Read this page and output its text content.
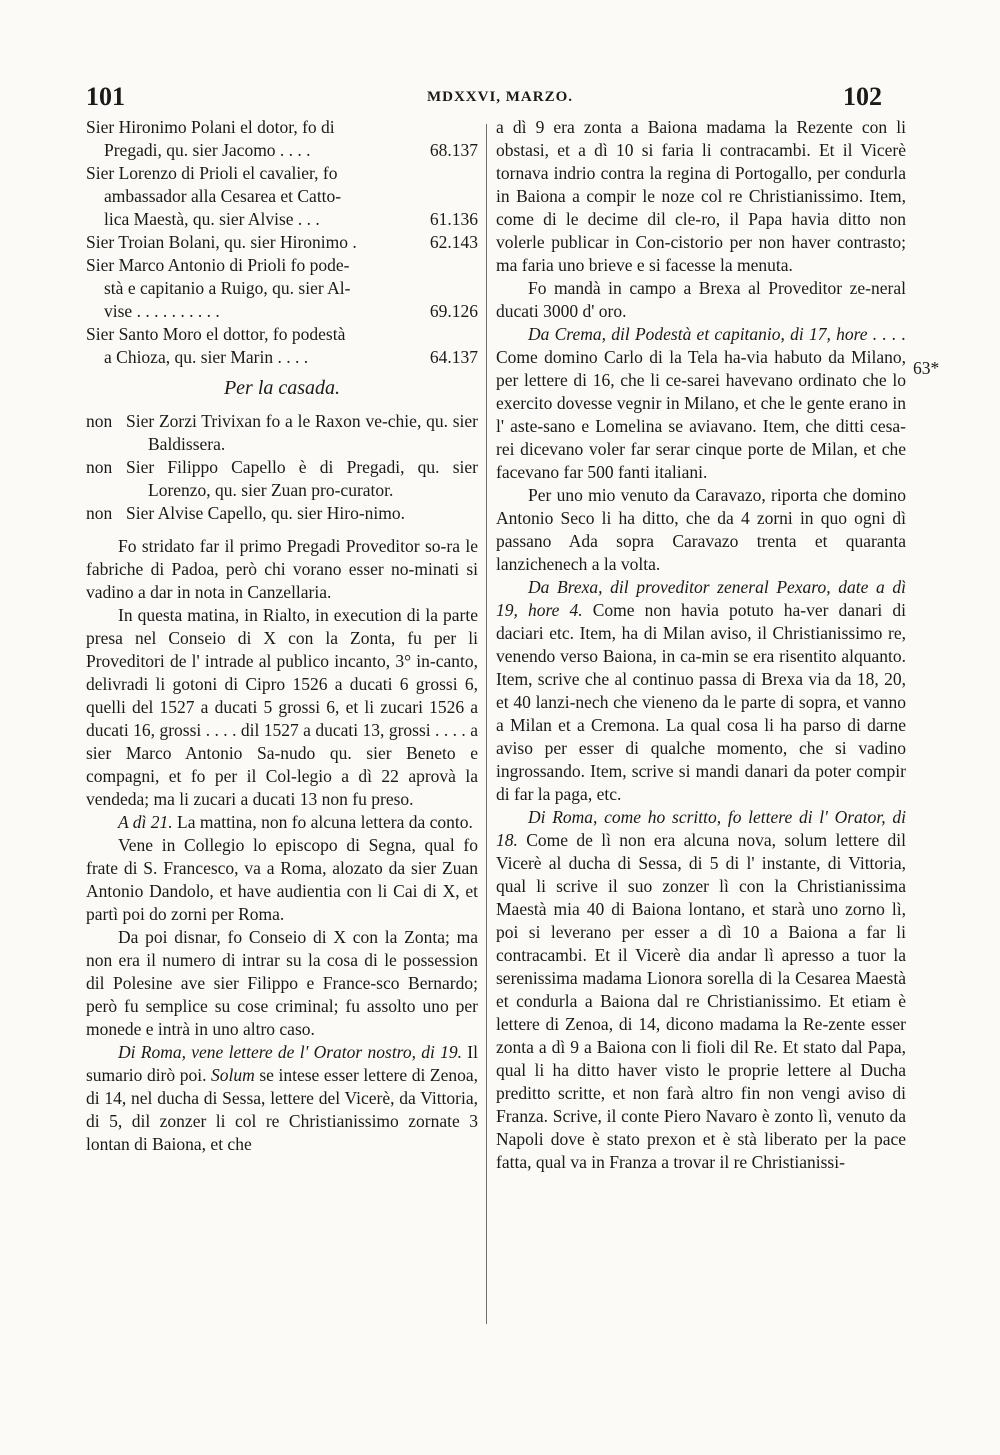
101	MDXXVI, MARZO.	102
Sier Hironimo Polani el dotor, fo di
Pregadi, qu. sier Jacomo . . . .	68.137
Sier Lorenzo di Prioli el cavalier, fo
ambassador alla Cesarea et Catto-
lica Maestà, qu. sier Alvise . . .	61.136
Sier Troian Bolani, qu. sier Hironimo .	62.143
Sier Marco Antonio di Prioli fo pode-
stà e capitanio a Ruigo, qu. sier Al-
vise . . . . . . . . . .	69.126
Sier Santo Moro el dottor, fo podestà
a Chioza, qu. sier Marin . . . .	64.137
Per la casada.
non Sier Zorzi Trivixan fo a le Raxon ve-chie, qu. sier Baldissera.
non Sier Filippo Capello è di Pregadi, qu. sier Lorenzo, qu. sier Zuan pro-curator.
non Sier Alvise Capello, qu. sier Hiro-nimo.

Fo stridato far il primo Pregadi Proveditor so-ra le fabriche di Padoa, però chi vorano esser no-minati si vadino a dar in nota in Canzellaria.

In questa matina, in Rialto, in execution di la parte presa nel Conseio di X con la Zonta, fu per li Proveditori de l' intrade al publico incanto, 3° in-canto, delivradi li gotoni di Cipro 1526 a ducati 6 grossi 6, quelli del 1527 a ducati 5 grossi 6, et li zucari 1526 a ducati 16, grossi . . . . dil 1527 a ducati 13, grossi . . . . a sier Marco Antonio Sa-nudo qu. sier Beneto e compagni, et fo per il Col-legio a dì 22 aprovà la vendeda; ma li zucari a ducati 13 non fu preso.

A dì 21. La mattina, non fo alcuna lettera da conto.

Vene in Collegio lo episcopo di Segna, qual fo frate di S. Francesco, va a Roma, alozato da sier Zuan Antonio Dandolo, et have audientia con li Cai di X, et partì poi do zorni per Roma.

Da poi disnar, fo Conseio di X con la Zonta; ma non era il numero di intrar su la cosa di le possession dil Polesine ave sier Filippo e France-sco Bernardo; però fu semplice su cose criminal; fu assolto uno per monede e intrà in uno altro caso.

Di Roma, vene lettere de l' Orator nostro, di 19. Il sumario dirò poi. Solum se intese esser lettere di Zenoa, di 14, nel ducha di Sessa, lettere del Vicerè, da Vittoria, di 5, dil zonzer li col re Christianissimo zornate 3 lontan di Baiona, et che

a dì 9 era zonta a Baiona madama la Rezente con li obstasi, et a dì 10 si faria li contracambi. Et il Vicerè tornava indrio contra la regina di Portogallo, per condurla in Baiona a compir le noze col re Christianissimo. Item, come di le decime dil cle-ro, il Papa havia ditto non volerle publicar in Con-cistorio per non haver contrasto; ma faria uno brieve e si facesse la menuta.

Fo mandà in campo a Brexa al Proveditor ze-neral ducati 3000 d' oro.

Da Crema, dil Podestà et capitanio, di 17, hore . . . . Come domino Carlo di la Tela ha-via habuto da Milano, per lettere di 16, che li ce-sarei havevano ordinato che lo exercito dovesse vegnir in Milano, et che le gente erano in l' aste-sano e Lomelina se aviavano. Item, che ditti cesa-rei dicevano voler far serar cinque porte de Milan, et che facevano far 500 fanti italiani.

Per uno mio venuto da Caravazo, riporta che domino Antonio Seco li ha ditto, che da 4 zorni in quo ogni dì passano Ada sopra Caravazo trenta et quaranta lanzichenech a la volta.

Da Brexa, dil proveditor zeneral Pexaro, date a dì 19, hore 4. Come non havia potuto ha-ver danari di daciari etc. Item, ha di Milan aviso, il Christianissimo re, venendo verso Baiona, in ca-min se era risentito alquanto. Item, scrive che al continuo passa di Brexa via da 18, 20, et 40 lanzi-nech che vieneno da le parte di sopra, et vanno a Milan et a Cremona. La qual cosa li ha parso di darne aviso per esser di qualche momento, che si vadino ingrossando. Item, scrive si mandi danari da poter compir di far la paga, etc.

Di Roma, come ho scritto, fo lettere di l' Orator, di 18. Come de lì non era alcuna nova, solum lettere dil Vicerè al ducha di Sessa, di 5 di l' instante, di Vittoria, qual li scrive il suo zonzer lì con la Christianissima Maestà mia 40 di Baiona lontano, et starà uno zorno lì, poi si leverano per esser a dì 10 a Baiona a far li contracambi. Et il Vicerè dia andar lì apresso a tuor la serenissima madama Lionora sorella di la Cesarea Maestà et condurla a Baiona dal re Christianissimo. Et etiam è lettere di Zenoa, di 14, dicono madama la Re-zente esser zonta a dì 9 a Baiona con li fioli dil Re. Et stato dal Papa, qual li ha ditto haver visto le proprie lettere al Ducha preditto scritte, et non farà altro fin non vengi aviso di Franza. Scrive, il conte Piero Navaro è zonto lì, venuto da Napoli dove è stato prexon et è stà liberato per la pace fatta, qual va in Franza a trovar il re Christianissi-

63*
